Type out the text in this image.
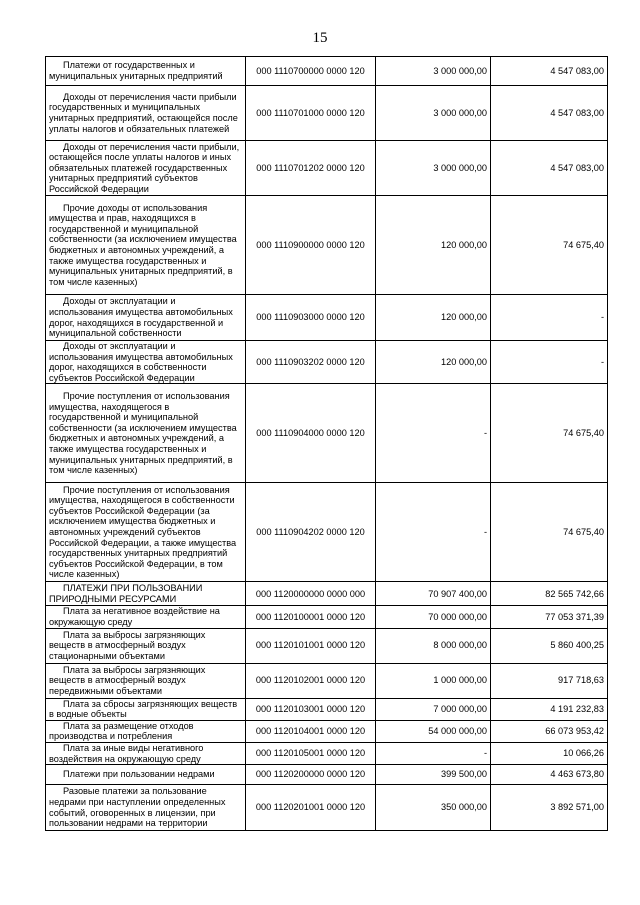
15
Платежи от государственных и муниципальных унитарных предприятий	000 1110700000 0000 120	3 000 000,00	4 547 083,00
Доходы от перечисления части прибыли государственных и муниципальных унитарных предприятий, остающейся после уплаты налогов и обязательных платежей	000 1110701000 0000 120	3 000 000,00	4 547 083,00
Доходы от перечисления части прибыли, остающейся после уплаты налогов и иных обязательных платежей государственных унитарных предприятий субъектов Российской Федерации	000 1110701202 0000 120	3 000 000,00	4 547 083,00
Прочие доходы от использования имущества и прав, находящихся в государственной и муниципальной собственности (за исключением имущества бюджетных и автономных учреждений, а также имущества государственных и муниципальных унитарных предприятий, в том числе казенных)	000 1110900000 0000 120	120 000,00	74 675,40
Доходы от эксплуатации и использования имущества автомобильных дорог, находящихся в государственной и муниципальной собственности	000 1110903000 0000 120	120 000,00	-
Доходы от эксплуатации и использования имущества автомобильных дорог, находящихся в собственности субъектов Российской Федерации	000 1110903202 0000 120	120 000,00	-
Прочие поступления от использования имущества, находящегося в государственной и муниципальной собственности (за исключением имущества бюджетных и автономных учреждений, а также имущества государственных и муниципальных унитарных предприятий, в том числе казенных)	000 1110904000 0000 120	-	74 675,40
Прочие поступления от использования имущества, находящегося в собственности субъектов Российской Федерации (за исключением имущества бюджетных и автономных учреждений субъектов Российской Федерации, а также имущества государственных унитарных предприятий субъектов Российской Федерации, в том числе казенных)	000 1110904202 0000 120	-	74 675,40
ПЛАТЕЖИ ПРИ ПОЛЬЗОВАНИИ ПРИРОДНЫМИ РЕСУРСАМИ	000 1120000000 0000 000	70 907 400,00	82 565 742,66
Плата за негативное воздействие на окружающую среду	000 1120100001 0000 120	70 000 000,00	77 053 371,39
Плата за выбросы загрязняющих веществ в атмосферный воздух стационарными объектами	000 1120101001 0000 120	8 000 000,00	5 860 400,25
Плата за выбросы загрязняющих веществ в атмосферный воздух передвижными объектами	000 1120102001 0000 120	1 000 000,00	917 718,63
Плата за сбросы загрязняющих веществ в водные объекты	000 1120103001 0000 120	7 000 000,00	4 191 232,83
Плата за размещение отходов производства и потребления	000 1120104001 0000 120	54 000 000,00	66 073 953,42
Плата за иные виды негативного воздействия на окружающую среду	000 1120105001 0000 120	-	10 066,26
Платежи при пользовании недрами	000 1120200000 0000 120	399 500,00	4 463 673,80
Разовые платежи за пользование недрами при наступлении определенных событий, оговоренных в лицензии, при пользовании недрами на территории	000 1120201001 0000 120	350 000,00	3 892 571,00
